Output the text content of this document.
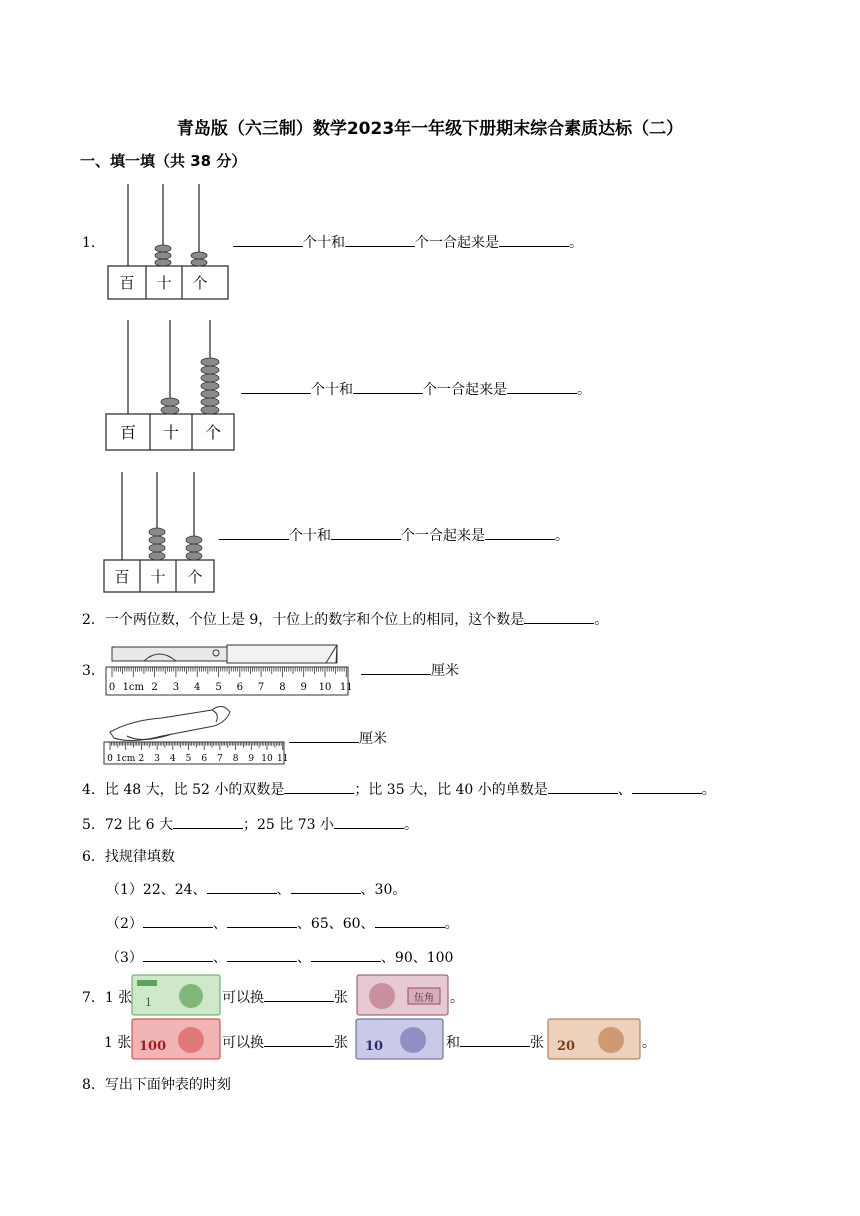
青岛版（六三制）数学2023年一年级下册期末综合素质达标（二）
一、填一填（共 38 分）
1．
百 十 个
个十和	个一合起来是	。
百 十 个
个十和	个一合起来是	。
百 十 个
个十和	个一合起来是	。
2．一个两位数，个位上是 9，十位上的数字和个位上的相同，这个数是	。
3．
0 1cm 2 3 4 5 6 7 8 9 10 11
厘米
0 1cm 2 3 4 5 6 7 8 9 10 11
厘米
4．比 48 大，比 52 小的双数是	；比 35 大，比 40 小的单数是	、	。
5．72 比 6 大	；25 比 73 小	。
6．找规律填数
（1）22、24、	、	、30。
（2）	、	、65、60、	。
（3）	、	、	、90、100
7．1 张 1	可以换	张	伍角 。
1 张 100	可以换	张 10	和	张 20	。
8．写出下面钟表的时刻
